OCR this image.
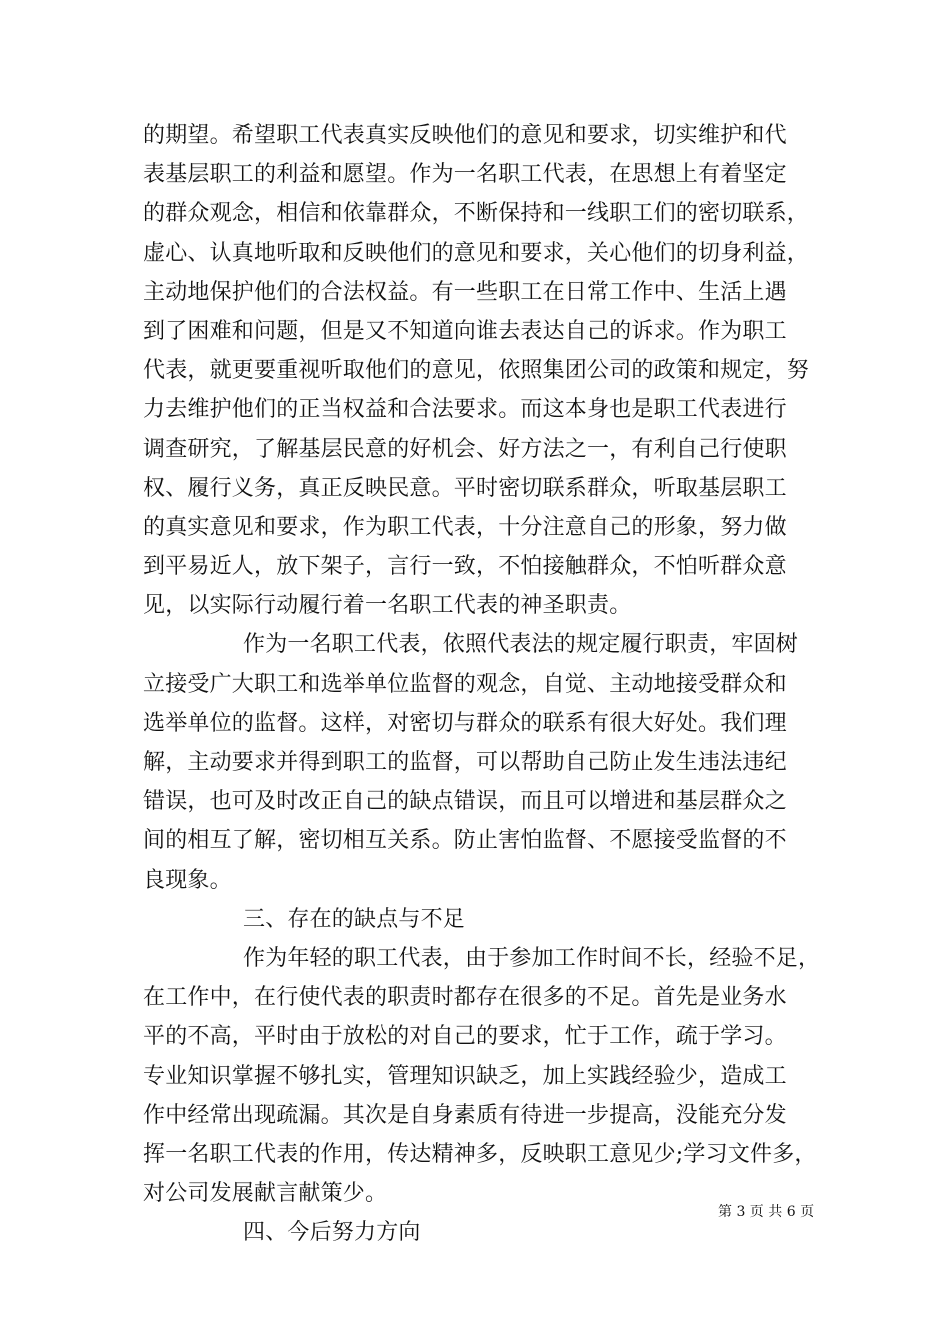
的期望。希望职工代表真实反映他们的意见和要求，切实维护和代
表基层职工的利益和愿望。作为一名职工代表，在思想上有着坚定
的群众观念，相信和依靠群众，不断保持和一线职工们的密切联系，
虚心、认真地听取和反映他们的意见和要求，关心他们的切身利益，
主动地保护他们的合法权益。有一些职工在日常工作中、生活上遇
到了困难和问题，但是又不知道向谁去表达自己的诉求。作为职工
代表，就更要重视听取他们的意见，依照集团公司的政策和规定，努
力去维护他们的正当权益和合法要求。而这本身也是职工代表进行
调查研究，了解基层民意的好机会、好方法之一，有利自己行使职
权、履行义务，真正反映民意。平时密切联系群众，听取基层职工
的真实意见和要求，作为职工代表，十分注意自己的形象，努力做
到平易近人，放下架子，言行一致，不怕接触群众，不怕听群众意
见，以实际行动履行着一名职工代表的神圣职责。
作为一名职工代表，依照代表法的规定履行职责，牢固树
立接受广大职工和选举单位监督的观念，自觉、主动地接受群众和
选举单位的监督。这样，对密切与群众的联系有很大好处。我们理
解，主动要求并得到职工的监督，可以帮助自己防止发生违法违纪
错误，也可及时改正自己的缺点错误，而且可以增进和基层群众之
间的相互了解，密切相互关系。防止害怕监督、不愿接受监督的不
良现象。
三、存在的缺点与不足
作为年轻的职工代表，由于参加工作时间不长，经验不足，
在工作中，在行使代表的职责时都存在很多的不足。首先是业务水
平的不高，平时由于放松的对自己的要求，忙于工作，疏于学习。
专业知识掌握不够扎实，管理知识缺乏，加上实践经验少，造成工
作中经常出现疏漏。其次是自身素质有待进一步提高，没能充分发
挥一名职工代表的作用，传达精神多，反映职工意见少;学习文件多，
对公司发展献言献策少。
四、今后努力方向
第 3 页 共 6 页
